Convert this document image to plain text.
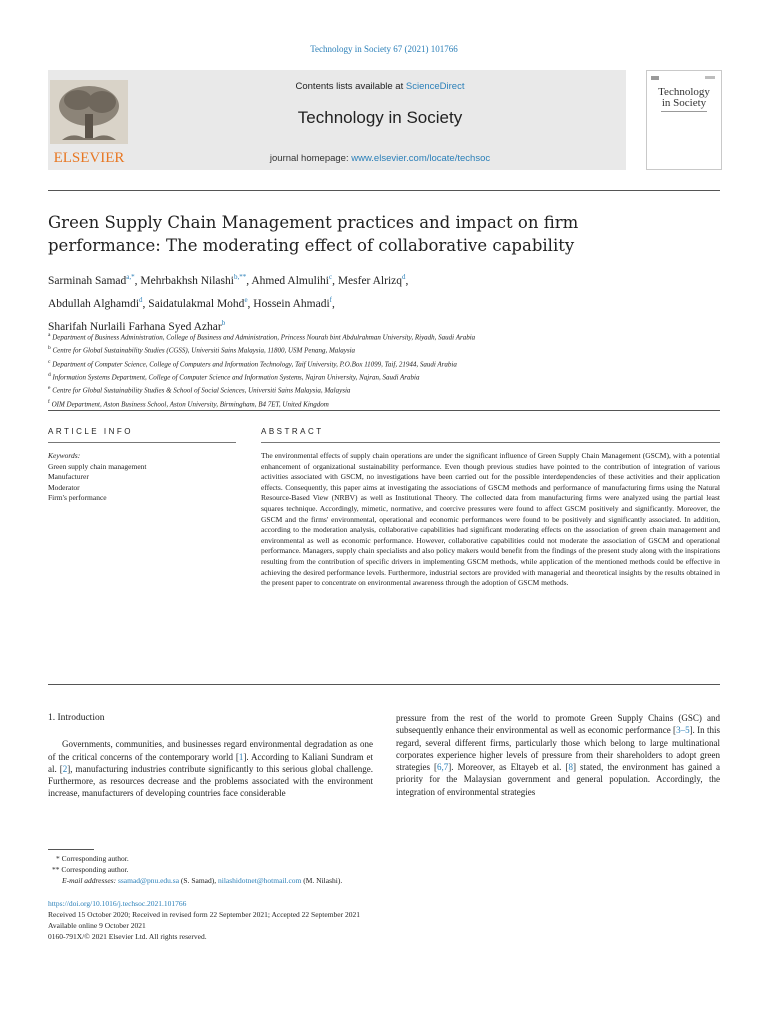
Technology in Society 67 (2021) 101766
ELSEVIER
Contents lists available at ScienceDirect
Technology in Society
journal homepage: www.elsevier.com/locate/techsoc
Technology
in Society
Green Supply Chain Management practices and impact on firm performance: The moderating effect of collaborative capability
Sarminah Samad$^{a,*}$, Mehrbakhsh Nilashi$^{b,**}$, Ahmed Almulihi$^c$, Mesfer Alrizq$^d$,
Abdullah Alghamdi$^d$, Saidatulakmal Mohd$^e$, Hossein Ahmadi$^f$,
Sharifah Nurlaili Farhana Syed Azhar$^b$
$^a$ Department of Business Administration, College of Business and Administration, Princess Nourah bint Abdulrahman University, Riyadh, Saudi Arabia
$^b$ Centre for Global Sustainability Studies (CGSS), Universiti Sains Malaysia, 11800, USM Penang, Malaysia
$^c$ Department of Computer Science, College of Computers and Information Technology, Taif University, P.O.Box 11099, Taif, 21944, Saudi Arabia
$^d$ Information Systems Department, College of Computer Science and Information Systems, Najran University, Najran, Saudi Arabia
$^e$ Centre for Global Sustainability Studies & School of Social Sciences, Universiti Sains Malaysia, Malaysia
$^f$ OIM Department, Aston Business School, Aston University, Birmingham, B4 7ET, United Kingdom
ARTICLE INFO	ABSTRACT
Keywords:
Green supply chain management
Manufacturer
Moderator
Firm's performance
The environmental effects of supply chain operations are under the significant influence of Green Supply Chain Management (GSCM), with a potential enhancement of organizational sustainability performance. Even though previous studies have pointed to the contribution of integration of various activities associated with GSCM, no investigations have been carried out for the possible interdependencies of these activities and their application effects. Consequently, this paper aims at investigating the associations of GSCM methods and performance of manufacturing firms using the Natural Resource-Based View (NRBV) as well as Institutional Theory. The collected data from manufacturing firms were analyzed using the partial least squares technique. Accordingly, mimetic, normative, and coercive pressures were found to affect GSCM positively and significantly. Moreover, the GSCM and the firms' environmental, operational and economic performances were found to be positively and significantly associated. In addition, according to the moderation analysis, collaborative capabilities had significant moderating effects on the association of green chain management and environmental as well as economic performance. However, collaborative capabilities could not moderate the association of GSCM and operational performance. Managers, supply chain specialists and also policy makers would benefit from the findings of the present study along with the inspirations resulting from the contribution of specific drivers in implementing GSCM methods, while application of the mentioned methods could be effective in achieving the desired performance levels. Furthermore, industrial sectors are provided with managerial and theoretical insights by the results obtained in the present paper to concentrate on environmental awareness through the adoption of GSCM methods.
1. Introduction

Governments, communities, and businesses regard environmental degradation as one of the critical concerns of the contemporary world [1]. According to Kaliani Sundram et al. [2], manufacturing industries contribute significantly to this serious global challenge. Furthermore, as resources decrease and the problems associated with the environment increase, manufacturers of developing countries face considerable

pressure from the rest of the world to promote Green Supply Chains (GSC) and subsequently enhance their environmental as well as economic performance [3–5]. In this regard, several different firms, particularly those which belong to large multinational corporates experience higher levels of pressure from their shareholders to adopt green strategies [6,7]. Moreover, as Eltayeb et al. [8] stated, the environment has gained a priority for the Malaysian government and general population. Accordingly, the integration of environmental strategies

* Corresponding author.
** Corresponding author.
E-mail addresses: ssamad@pnu.edu.sa (S. Samad), nilashidotnet@hotmail.com (M. Nilashi).
https://doi.org/10.1016/j.techsoc.2021.101766
Received 15 October 2020; Received in revised form 22 September 2021; Accepted 22 September 2021
Available online 9 October 2021
0160-791X/© 2021 Elsevier Ltd. All rights reserved.
